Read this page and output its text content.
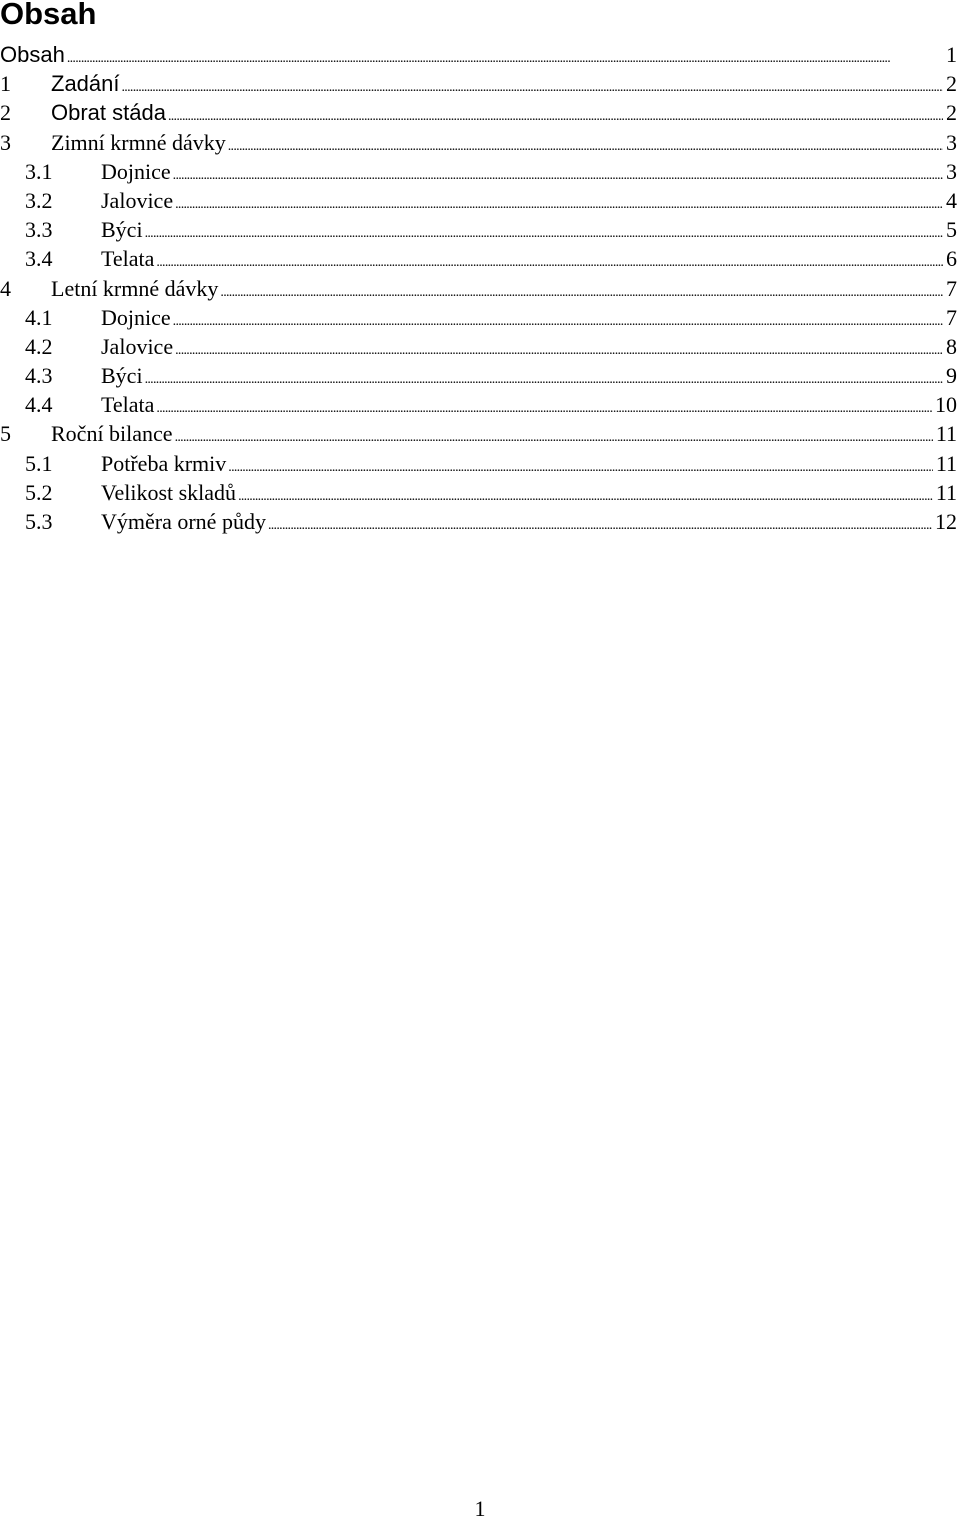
Obsah
Obsah . . .	1
1	Zadání . . .	2
2	Obrat stáda . . .	2
3	Zimní krmné dávky . . .	3
3.1	Dojnice . . .	3
3.2	Jalovice . . .	4
3.3	Býci . . .	5
3.4	Telata . . .	6
4	Letní krmné dávky . . .	7
4.1	Dojnice . . .	7
4.2	Jalovice . . .	8
4.3	Býci . . .	9
4.4	Telata . . .	10
5	Roční bilance . . .	11
5.1	Potřeba krmiv . . .	11
5.2	Velikost skladů . . .	11
5.3	Výměra orné půdy . . .	12
1
